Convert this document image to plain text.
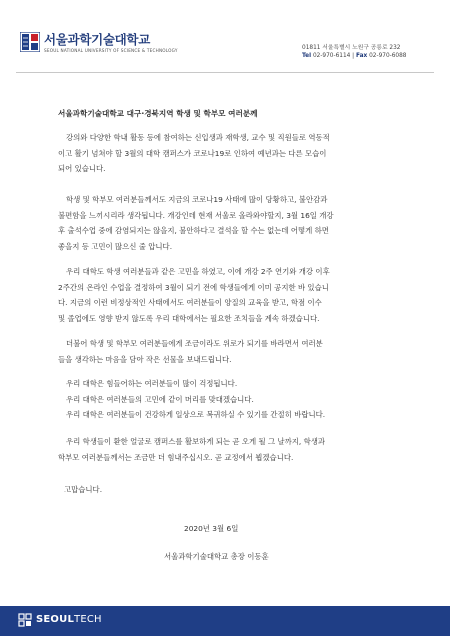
서울과학기술대학교
SEOUL NATIONAL UNIVERSITY OF SCIENCE & TECHNOLOGY	01811 서울특별시 노원구 공릉로 232
Tel 02-970-6114 | Fax 02-970-6088
서울과학기술대학교 대구·경북지역 학생 및 학부모 여러분께
강의와 다양한 학내 활동 등에 참여하는 신입생과 재학생, 교수 및 직원들로 역동적
이고 활기 넘쳐야 할 3월의 대학 캠퍼스가 코로나19로 인하여 예년과는 다른 모습이
되어 있습니다.
학생 및 학부모 여러분들께서도 지금의 코로나19 사태에 많이 당황하고, 불안감과
불편함을 느끼시리라 생각됩니다. 개강인데 현재 서울로 올라와야할지, 3월 16일 개강
후 출석수업 중에 감염되지는 않을지, 불안하다고 결석을 할 수는 없는데 어떻게 하면
좋을지 등 고민이 많으신 줄 압니다.
우리 대학도 학생 여러분들과 같은 고민을 하였고, 이에 개강 2주 연기와 개강 이후
2주간의 온라인 수업을 결정하여 3월이 되기 전에 학생들에게 이미 공지한 바 있습니
다. 지금의 이런 비정상적인 사태에서도 여러분들이 양질의 교육을 받고, 학점 이수
및 졸업에도 영향 받지 않도록 우리 대학에서는 필요한 조치들을 계속 하겠습니다.
더불어 학생 및 학부모 여러분들에게 조금이라도 위로가 되기를 바라면서 여러분
들을 생각하는 마음을 담아 작은 선물을 보내드립니다.
우리 대학은 힘들어하는 여러분들이 많이 걱정됩니다.
우리 대학은 여러분들의 고민에 같이 머리를 맞대겠습니다.
우리 대학은 여러분들이 건강하게 일상으로 복귀하실 수 있기를 간절히 바랍니다.
우리 학생들이 환한 얼굴로 캠퍼스를 활보하게 되는 곧 오게 될 그 날까지, 학생과
학부모 여러분들께서는 조금만 더 힘내주십시오. 곧 교정에서 뵙겠습니다.
고맙습니다.
2020년 3월 6일
서울과학기술대학교 총장 이동훈
SEOULTECH
